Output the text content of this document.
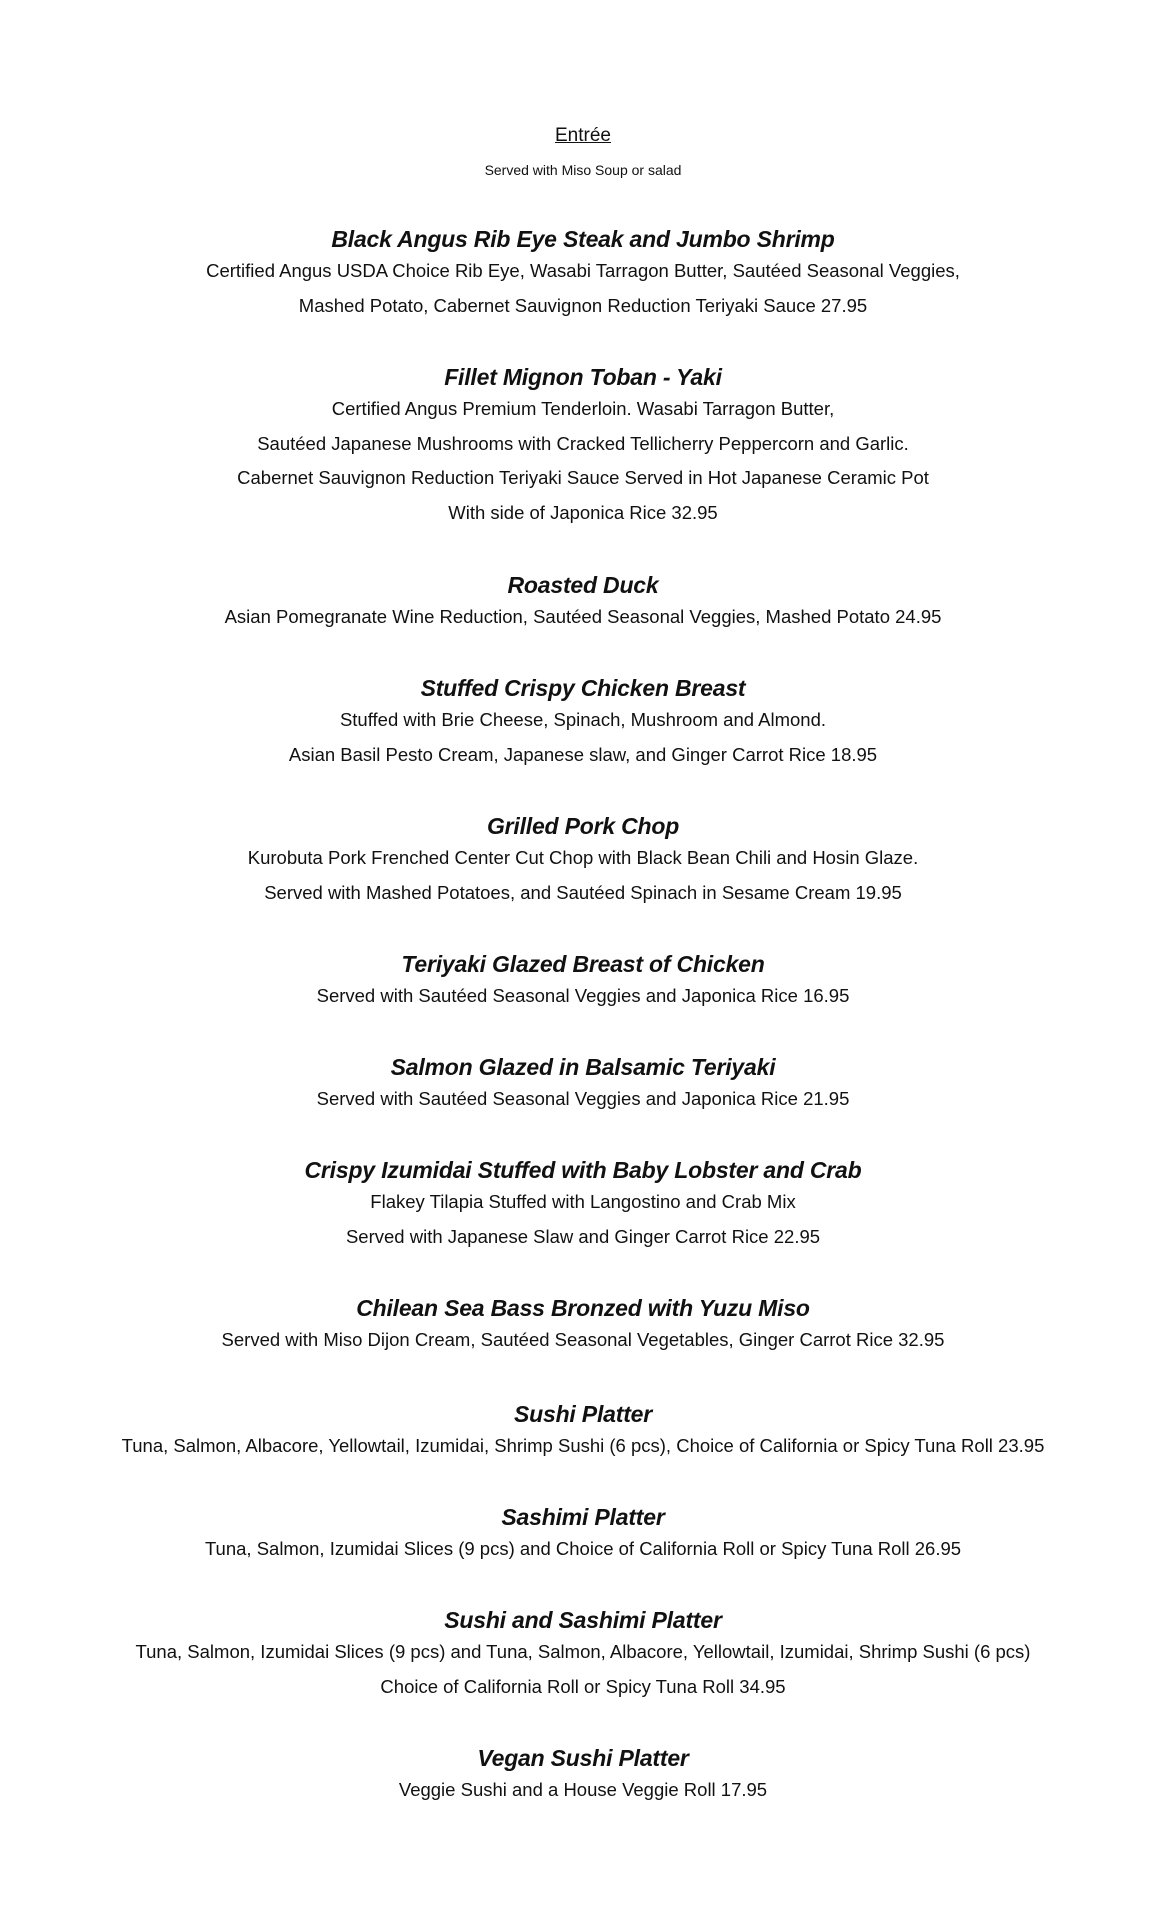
Entrée
Served with Miso Soup or salad
Black Angus Rib Eye Steak and Jumbo Shrimp
Certified Angus USDA Choice Rib Eye, Wasabi Tarragon Butter, Sautéed Seasonal Veggies,
Mashed Potato, Cabernet Sauvignon Reduction Teriyaki Sauce 27.95
Fillet Mignon Toban - Yaki
Certified Angus Premium Tenderloin. Wasabi Tarragon Butter,
Sautéed Japanese Mushrooms with Cracked Tellicherry Peppercorn and Garlic.
Cabernet Sauvignon Reduction Teriyaki Sauce Served in Hot Japanese Ceramic Pot
With side of Japonica Rice 32.95
Roasted Duck
Asian Pomegranate Wine Reduction, Sautéed Seasonal Veggies, Mashed Potato 24.95
Stuffed Crispy Chicken Breast
Stuffed with Brie Cheese, Spinach, Mushroom and Almond.
Asian Basil Pesto Cream, Japanese slaw, and Ginger Carrot Rice 18.95
Grilled Pork Chop
Kurobuta Pork Frenched Center Cut Chop with Black Bean Chili and Hosin Glaze.
Served with Mashed Potatoes, and Sautéed Spinach in Sesame Cream 19.95
Teriyaki Glazed Breast of Chicken
Served with Sautéed Seasonal Veggies and Japonica Rice 16.95
Salmon Glazed in Balsamic Teriyaki
Served with Sautéed Seasonal Veggies and Japonica Rice 21.95
Crispy Izumidai Stuffed with Baby Lobster and Crab
Flakey Tilapia Stuffed with Langostino and Crab Mix
Served with Japanese Slaw and Ginger Carrot Rice 22.95
Chilean Sea Bass Bronzed with Yuzu Miso
Served with Miso Dijon Cream, Sautéed Seasonal Vegetables, Ginger Carrot Rice 32.95
Sushi Platter
Tuna, Salmon, Albacore, Yellowtail, Izumidai, Shrimp Sushi (6 pcs), Choice of California or Spicy Tuna Roll 23.95
Sashimi Platter
Tuna, Salmon, Izumidai Slices (9 pcs) and Choice of California Roll or Spicy Tuna Roll 26.95
Sushi and Sashimi Platter
Tuna, Salmon, Izumidai Slices (9 pcs) and Tuna, Salmon, Albacore, Yellowtail, Izumidai, Shrimp Sushi (6 pcs)
Choice of California Roll or Spicy Tuna Roll 34.95
Vegan Sushi Platter
Veggie Sushi and a House Veggie Roll 17.95
